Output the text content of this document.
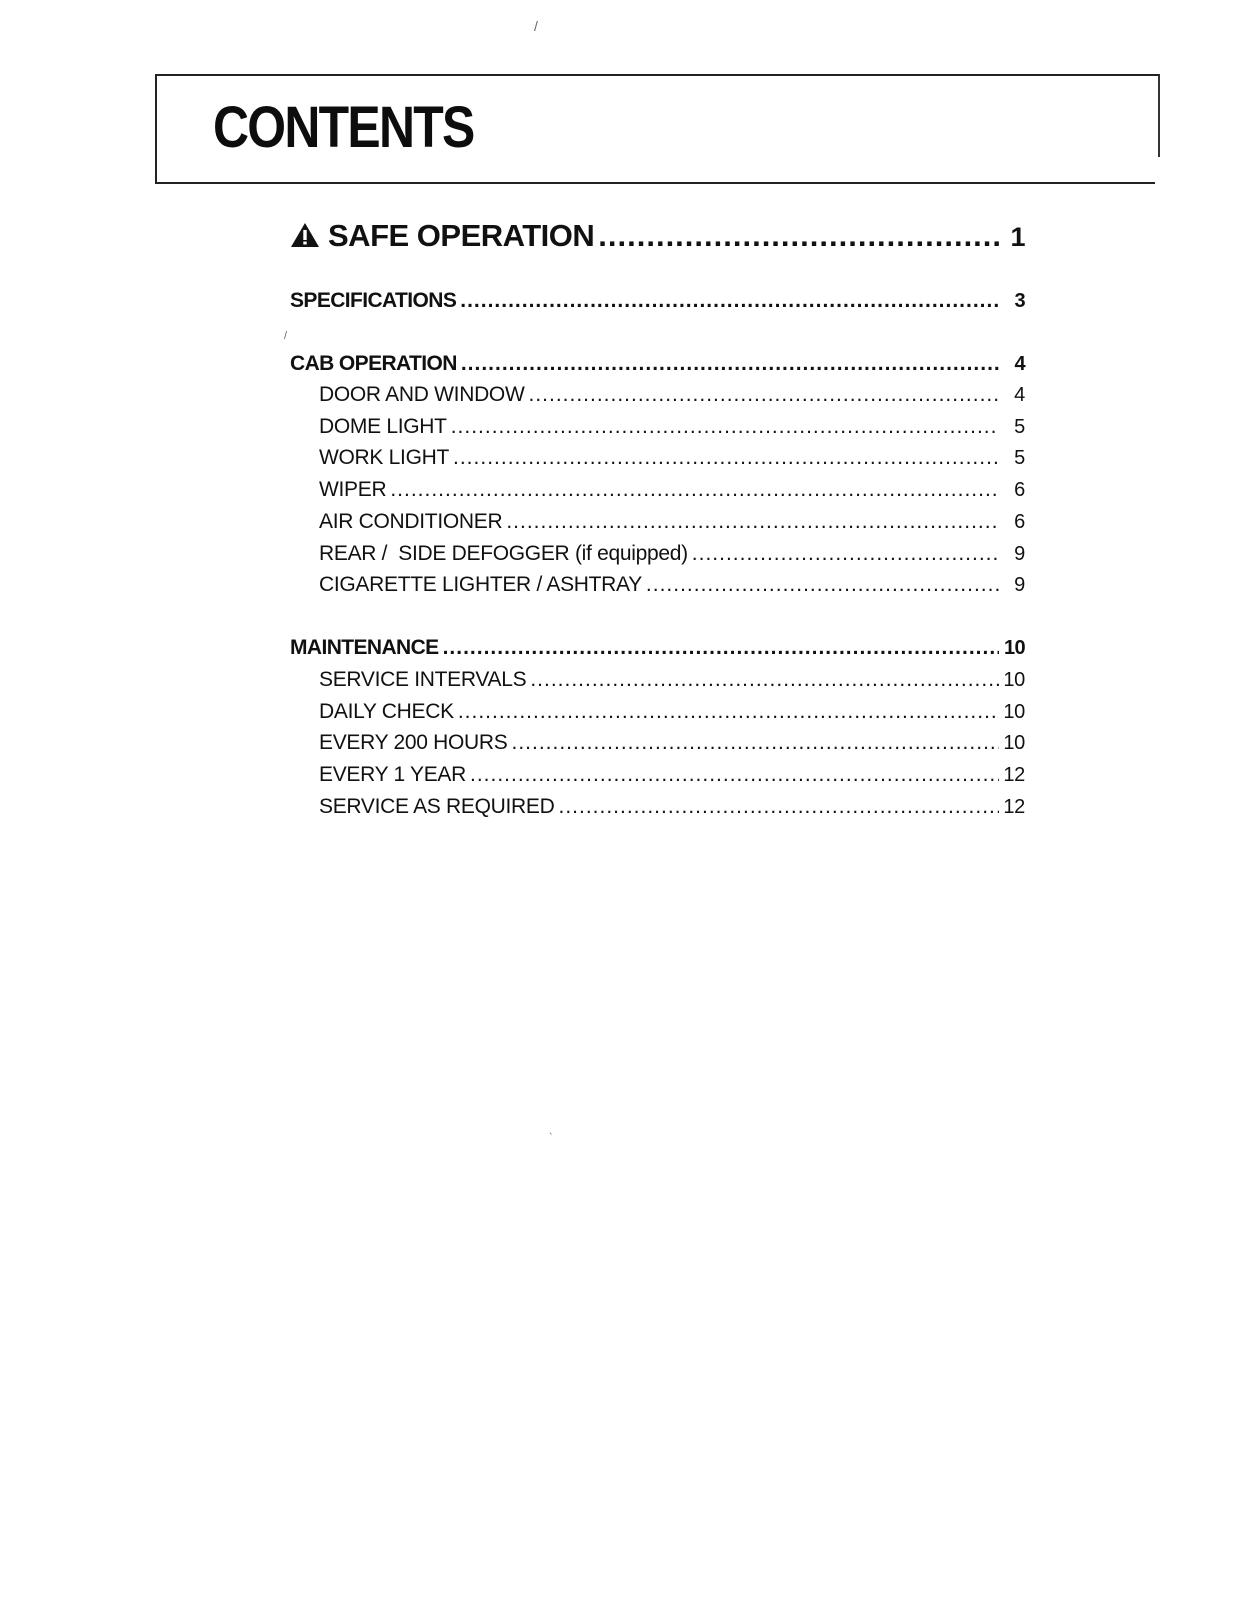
/
/
CONTENTS
SAFE OPERATION .....	1
SPECIFICATIONS .....	3
CAB OPERATION .....	4
DOOR AND WINDOW .....	4
DOME LIGHT .....	5
WORK LIGHT .....	5
WIPER .....	6
AIR CONDITIONER .....	6
REAR /  SIDE DEFOGGER (if equipped) .....	9
CIGARETTE LIGHTER / ASHTRAY .....	9
MAINTENANCE .....	10
SERVICE INTERVALS .....	10
DAILY CHECK .....	10
EVERY 200 HOURS .....	10
EVERY 1 YEAR .....	12
SERVICE AS REQUIRED .....	12
`
